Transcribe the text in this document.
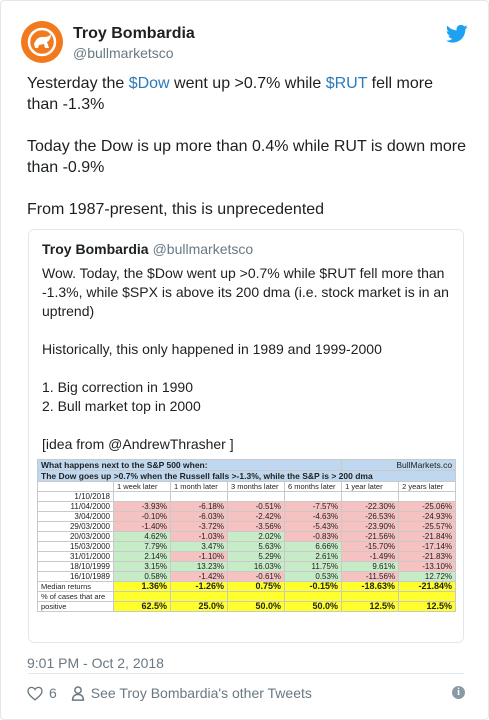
Troy Bombardia
@bullmarketsco

Yesterday the $Dow went up >0.7% while $RUT fell more than -1.3%

Today the Dow is up more than 0.4% while RUT is down more than -0.9%

From 1987-present, this is unprecedented

Troy Bombardia @bullmarketsco

Wow. Today, the $Dow went up >0.7% while $RUT fell more than -1.3%, while $SPX is above its 200 dma (i.e. stock market is in an uptrend)

Historically, this only happened in 1989 and 1999-2000

1. Big correction in 1990

2. Bull market top in 2000

[idea from @AndrewThrasher ]

What happens next to the S&P 500 when:					BullMarkets.co	
The Dow goes up >0.7% when the Russell falls >-1.3%, while the S&P is > 200 dma						
	1 week later	1 month later	3 months later	6 months later	1 year later	2 years later
1/10/2018						
11/04/2000	-3.93%	-6.18%	-0.51%	-7.57%	-22.30%	-25.06%
3/04/2000	-0.10%	-6.03%	-2.42%	-4.63%	-26.53%	-24.93%
29/03/2000	-1.40%	-3.72%	-3.56%	-5.43%	-23.90%	-25.57%
20/03/2000	4.62%	-1.03%	2.02%	-0.83%	-21.56%	-21.84%
15/03/2000	7.79%	3.47%	5.63%	6.66%	-15.70%	-17.14%
31/01/2000	2.14%	-1.10%	5.29%	2.61%	-1.49%	-21.83%
18/10/1999	3.15%	13.23%	16.03%	11.75%	9.61%	-13.10%
16/10/1989	0.58%	-1.42%	-0.61%	0.53%	-11.56%	12.72%
Median returns	1.36%	-1.26%	0.75%	-0.15%	-18.63%	-21.84%
% of cases that are						
positive	62.5%	25.0%	50.0%	50.0%	12.5%	12.5%
9:01 PM - Oct 2, 2018
6 See Troy Bombardia's other Tweets	i
